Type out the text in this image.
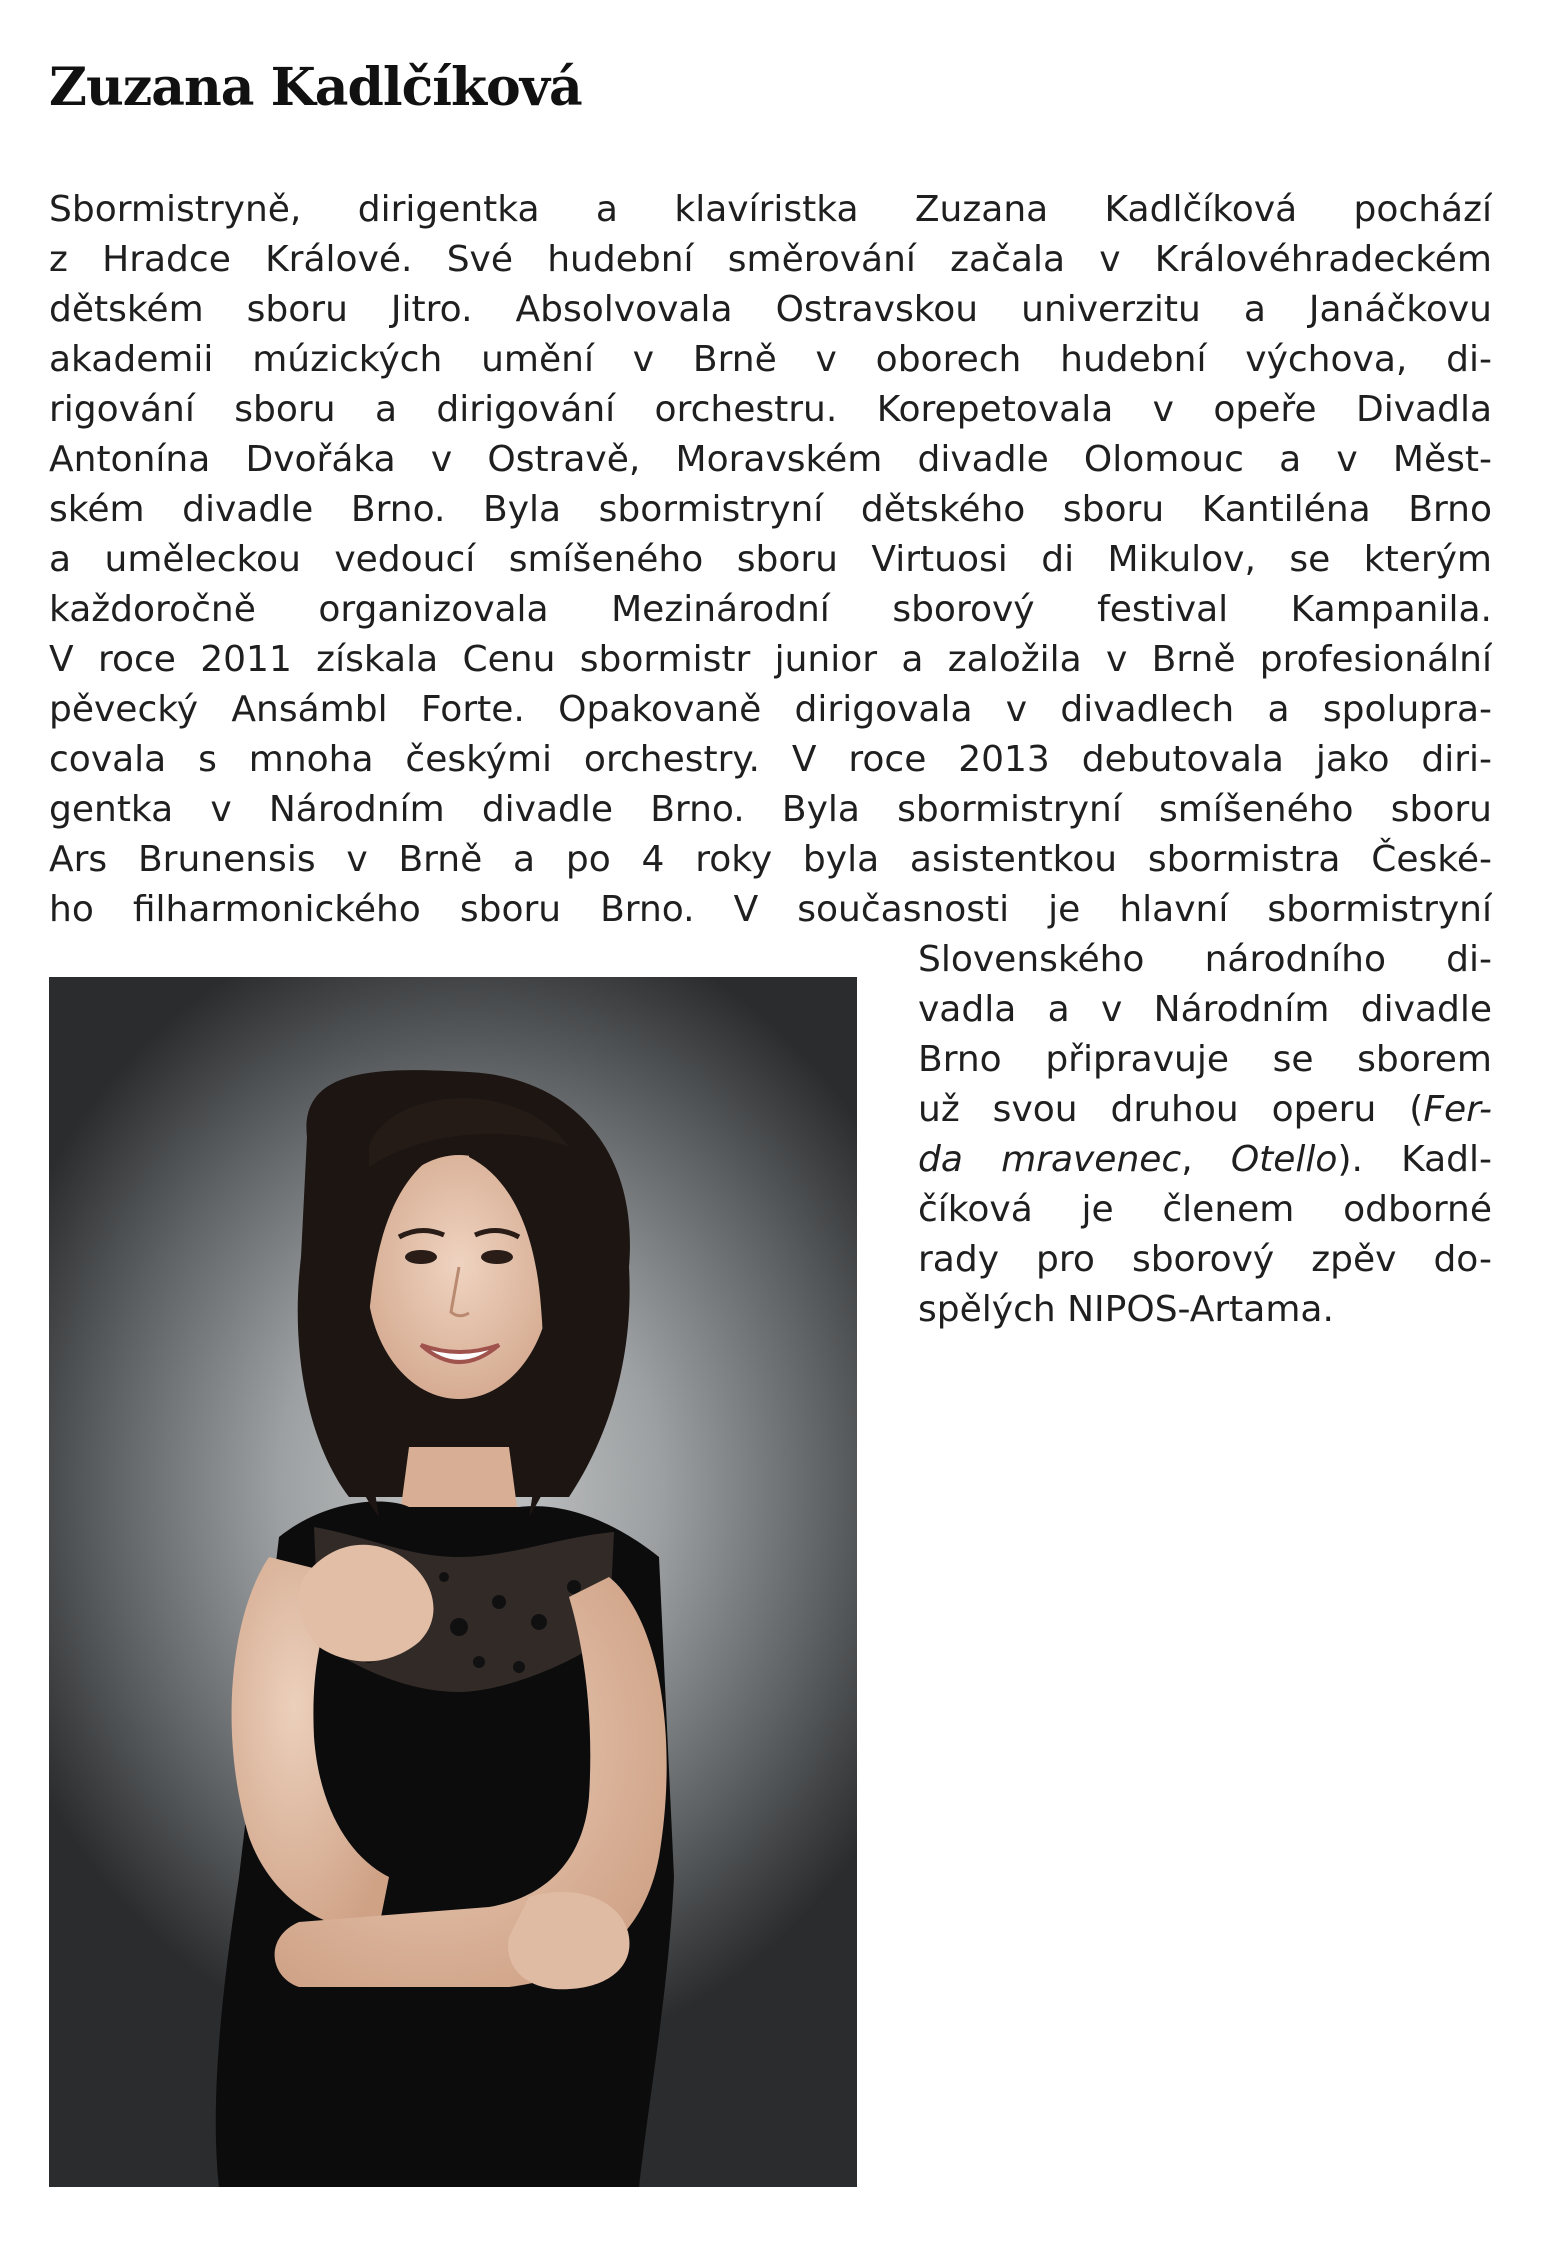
Zuzana Kadlčíková
Sbormistryně, dirigentka a klavíristka Zuzana Kadlčíková pochází
z Hradce Králové. Své hudební směrování začala v Královéhradeckém
dětském sboru Jitro. Absolvovala Ostravskou univerzitu a Janáčkovu
akademii múzických umění v Brně v oborech hudební výchova, di-
rigování sboru a dirigování orchestru. Korepetovala v opeře Divadla
Antonína Dvořáka v Ostravě, Moravském divadle Olomouc a v Měst-
ském divadle Brno. Byla sbormistryní dětského sboru Kantiléna Brno
a uměleckou vedoucí smíšeného sboru Virtuosi di Mikulov, se kterým
každoročně organizovala Mezinárodní sborový festival Kampanila.
V roce 2011 získala Cenu sbormistr junior a založila v Brně profesionální
pěvecký Ansámbl Forte. Opakovaně dirigovala v divadlech a spolupra-
covala s mnoha českými orchestry. V roce 2013 debutovala jako diri-
gentka v Národním divadle Brno. Byla sbormistryní smíšeného sboru
Ars Brunensis v Brně a po 4 roky byla asistentkou sbormistra České-
ho filharmonického sboru Brno. V současnosti je hlavní sbormistryní
Slovenského národního di-
vadla a v Národním divadle
Brno připravuje se sborem
už svou druhou operu (Fer-
da mravenec, Otello). Kadl-
číková je členem odborné
rady pro sborový zpěv do-
spělých NIPOS-Artama.
